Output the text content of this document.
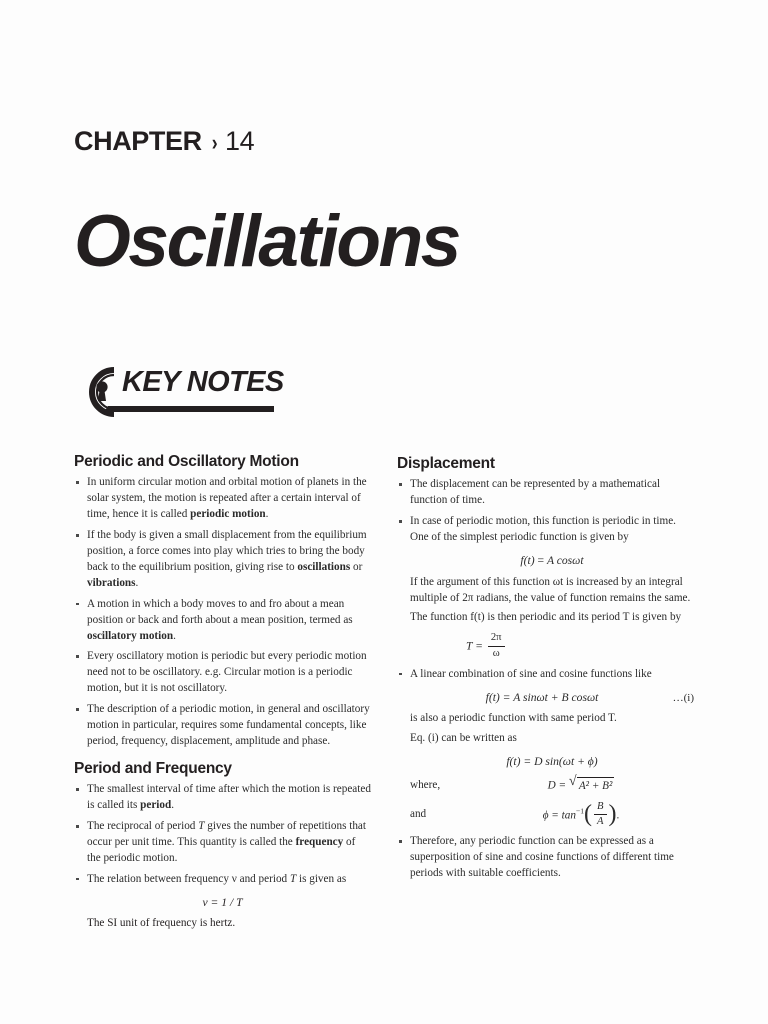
CHAPTER › 14
Oscillations
KEY NOTES
Periodic and Oscillatory Motion
In uniform circular motion and orbital motion of planets in the solar system, the motion is repeated after a certain interval of time, hence it is called periodic motion.
If the body is given a small displacement from the equilibrium position, a force comes into play which tries to bring the body back to the equilibrium position, giving rise to oscillations or vibrations.
A motion in which a body moves to and fro about a mean position or back and forth about a mean position, termed as oscillatory motion.
Every oscillatory motion is periodic but every periodic motion need not to be oscillatory. e.g. Circular motion is a periodic motion, but it is not oscillatory.
The description of a periodic motion, in general and oscillatory motion in particular, requires some fundamental concepts, like period, frequency, displacement, amplitude and phase.
Period and Frequency
The smallest interval of time after which the motion is repeated is called its period.
The reciprocal of period T gives the number of repetitions that occur per unit time. This quantity is called the frequency of the periodic motion.
The relation between frequency ν and period T is given as
ν = 1 / T
The SI unit of frequency is hertz.
Displacement
The displacement can be represented by a mathematical function of time.
In case of periodic motion, this function is periodic in time. One of the simplest periodic function is given by
f(t) = A cosωt
If the argument of this function ωt is increased by an integral multiple of 2π radians, the value of function remains the same.
The function f(t) is then periodic and its period T is given by
$T = \frac{2\pi}{\omega}$
A linear combination of sine and cosine functions like
f(t) = A sinωt + B cosωt	…(i)
is also a periodic function with same period T.
Eq. (i) can be written as
f(t) = D sin(ωt + ϕ)
where,	D = √ A² + B²
and	$\phi = \tan^{-1}( \frac{B}{A}$ ).
Therefore, any periodic function can be expressed as a superposition of sine and cosine functions of different time periods with suitable coefficients.
